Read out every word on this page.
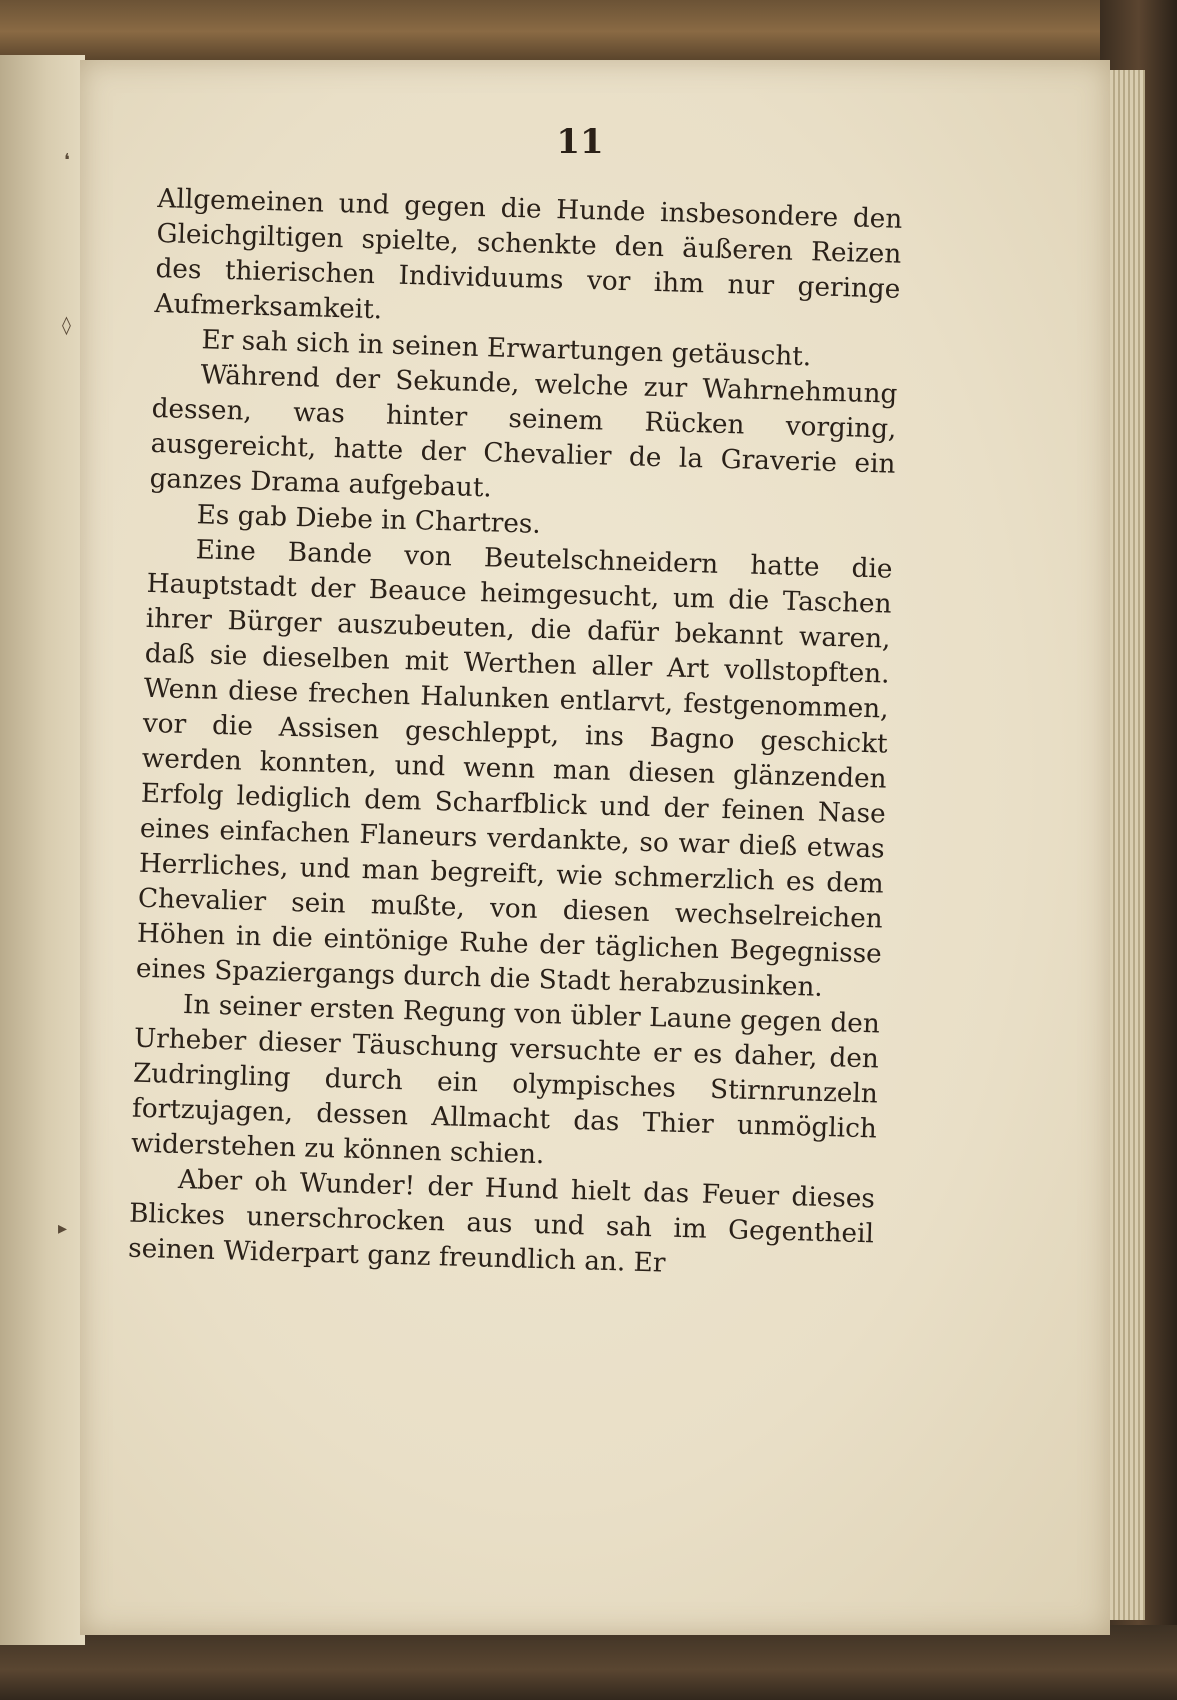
❛
◊
▸
11

Allgemeinen und gegen die Hunde insbesondere den Gleichgiltigen spielte, schenkte den äußeren Reizen des thierischen Individuums vor ihm nur geringe Aufmerksamkeit.

Er sah sich in seinen Erwartungen getäuscht.

Während der Sekunde, welche zur Wahrnehmung dessen, was hinter seinem Rücken vorging, ausgereicht, hatte der Chevalier de la Graverie ein ganzes Drama aufgebaut.

Es gab Diebe in Chartres.

Eine Bande von Beutelschneidern hatte die Hauptstadt der Beauce heimgesucht, um die Taschen ihrer Bürger auszubeuten, die dafür bekannt waren, daß sie dieselben mit Werthen aller Art vollstopften. Wenn diese frechen Halunken entlarvt, festgenommen, vor die Assisen geschleppt, ins Bagno geschickt werden konnten, und wenn man diesen glänzenden Erfolg lediglich dem Scharfblick und der feinen Nase eines einfachen Flaneurs verdankte, so war dieß etwas Herrliches, und man begreift, wie schmerzlich es dem Chevalier sein mußte, von diesen wechselreichen Höhen in die eintönige Ruhe der täglichen Begegnisse eines Spaziergangs durch die Stadt herabzusinken.

In seiner ersten Regung von übler Laune gegen den Urheber dieser Täuschung versuchte er es daher, den Zudringling durch ein olympisches Stirnrunzeln fortzujagen, dessen Allmacht das Thier unmöglich widerstehen zu können schien.

Aber oh Wunder! der Hund hielt das Feuer dieses Blickes unerschrocken aus und sah im Gegentheil seinen Widerpart ganz freundlich an. Er
